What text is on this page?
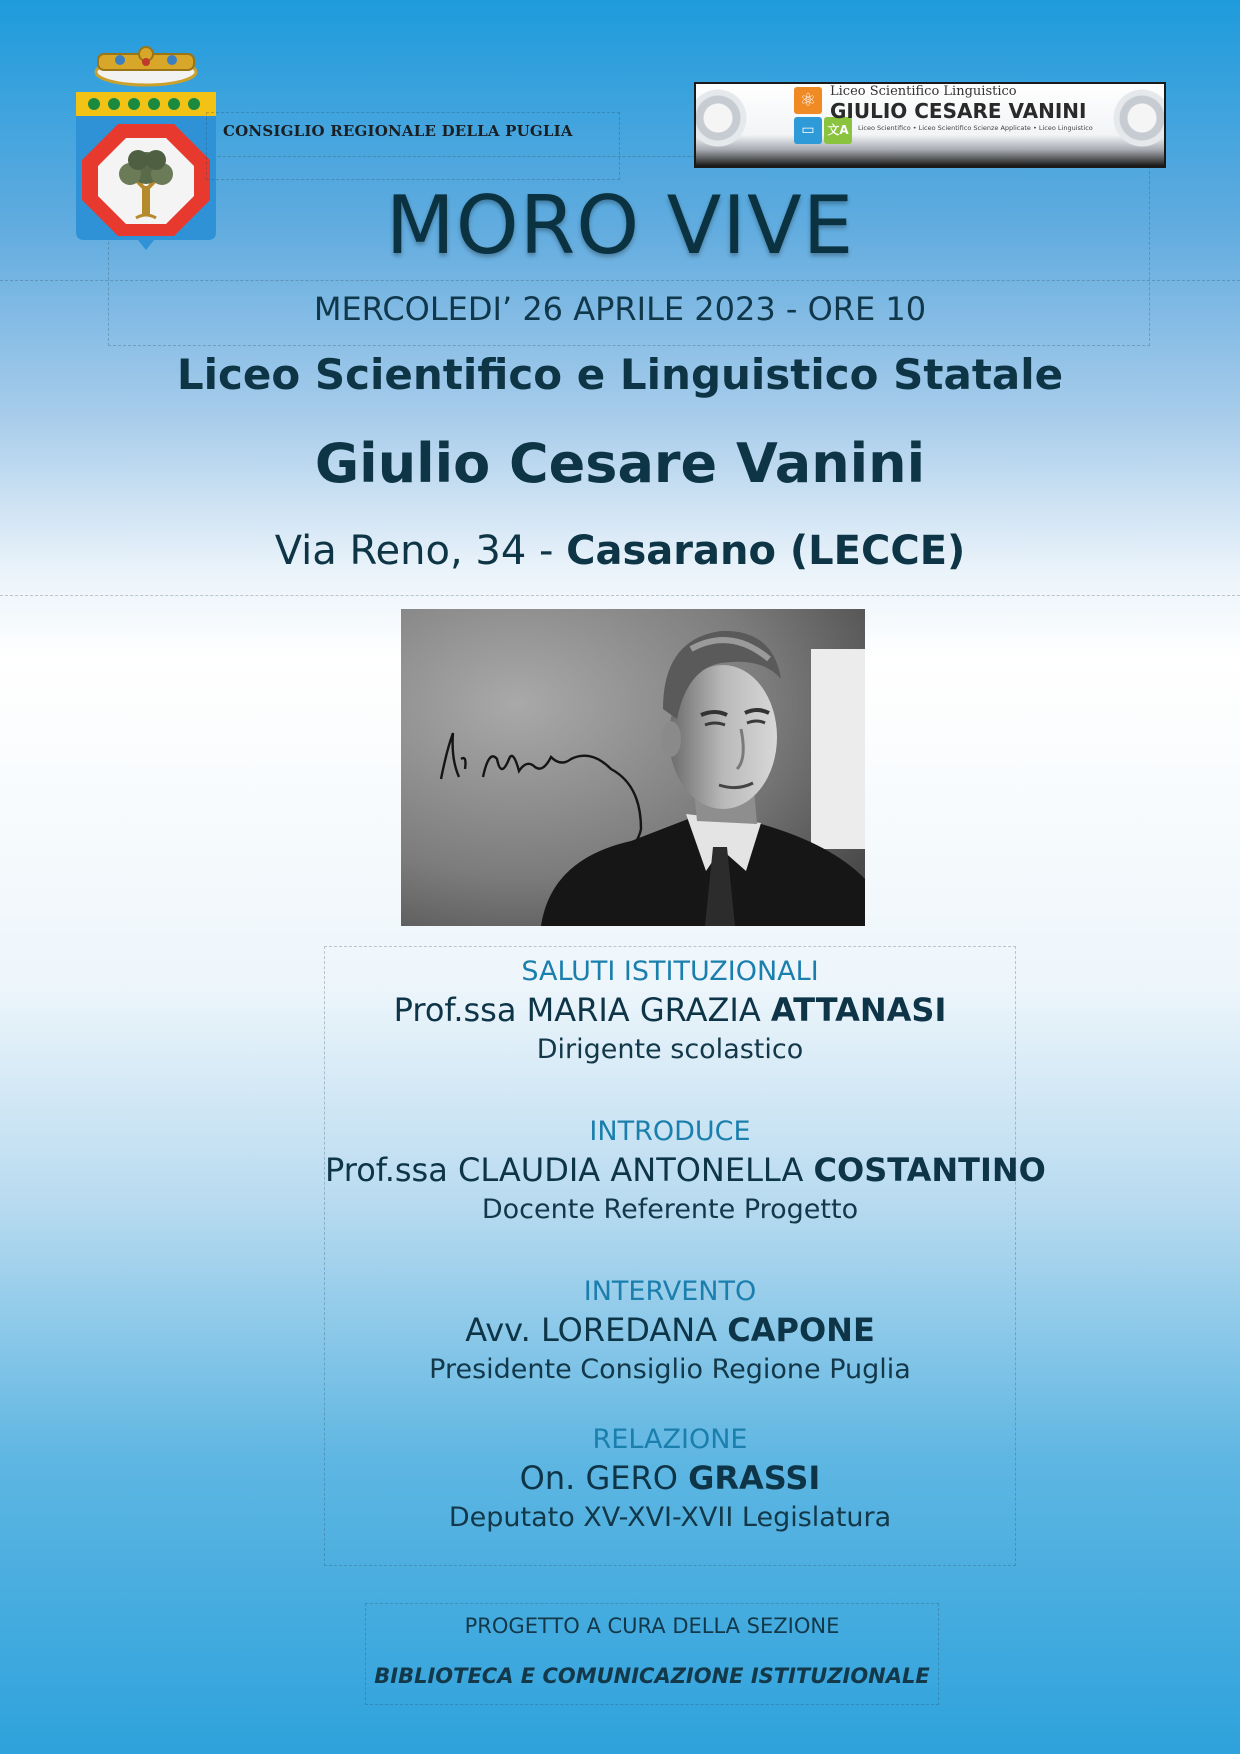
CONSIGLIO REGIONALE DELLA PUGLIA
⚛
▭	文A
Liceo Scientifico Linguistico
GIULIO CESARE VANINI
Liceo Scientifico • Liceo Scientifico Scienze Applicate • Liceo Linguistico
MORO VIVE
MERCOLEDI’ 26 APRILE 2023 - ORE 10
Liceo Scientifico e Linguistico Statale
Giulio Cesare Vanini
Via Reno, 34 - Casarano (LECCE)
SALUTI ISTITUZIONALI
Prof.ssa MARIA GRAZIA ATTANASI
Dirigente scolastico
INTRODUCE
Prof.ssa CLAUDIA ANTONELLA COSTANTINO
Docente Referente Progetto
INTERVENTO
Avv. LOREDANA CAPONE
Presidente Consiglio Regione Puglia
RELAZIONE
On. GERO GRASSI
Deputato XV-XVI-XVII Legislatura
PROGETTO A CURA DELLA SEZIONE
BIBLIOTECA E COMUNICAZIONE ISTITUZIONALE
